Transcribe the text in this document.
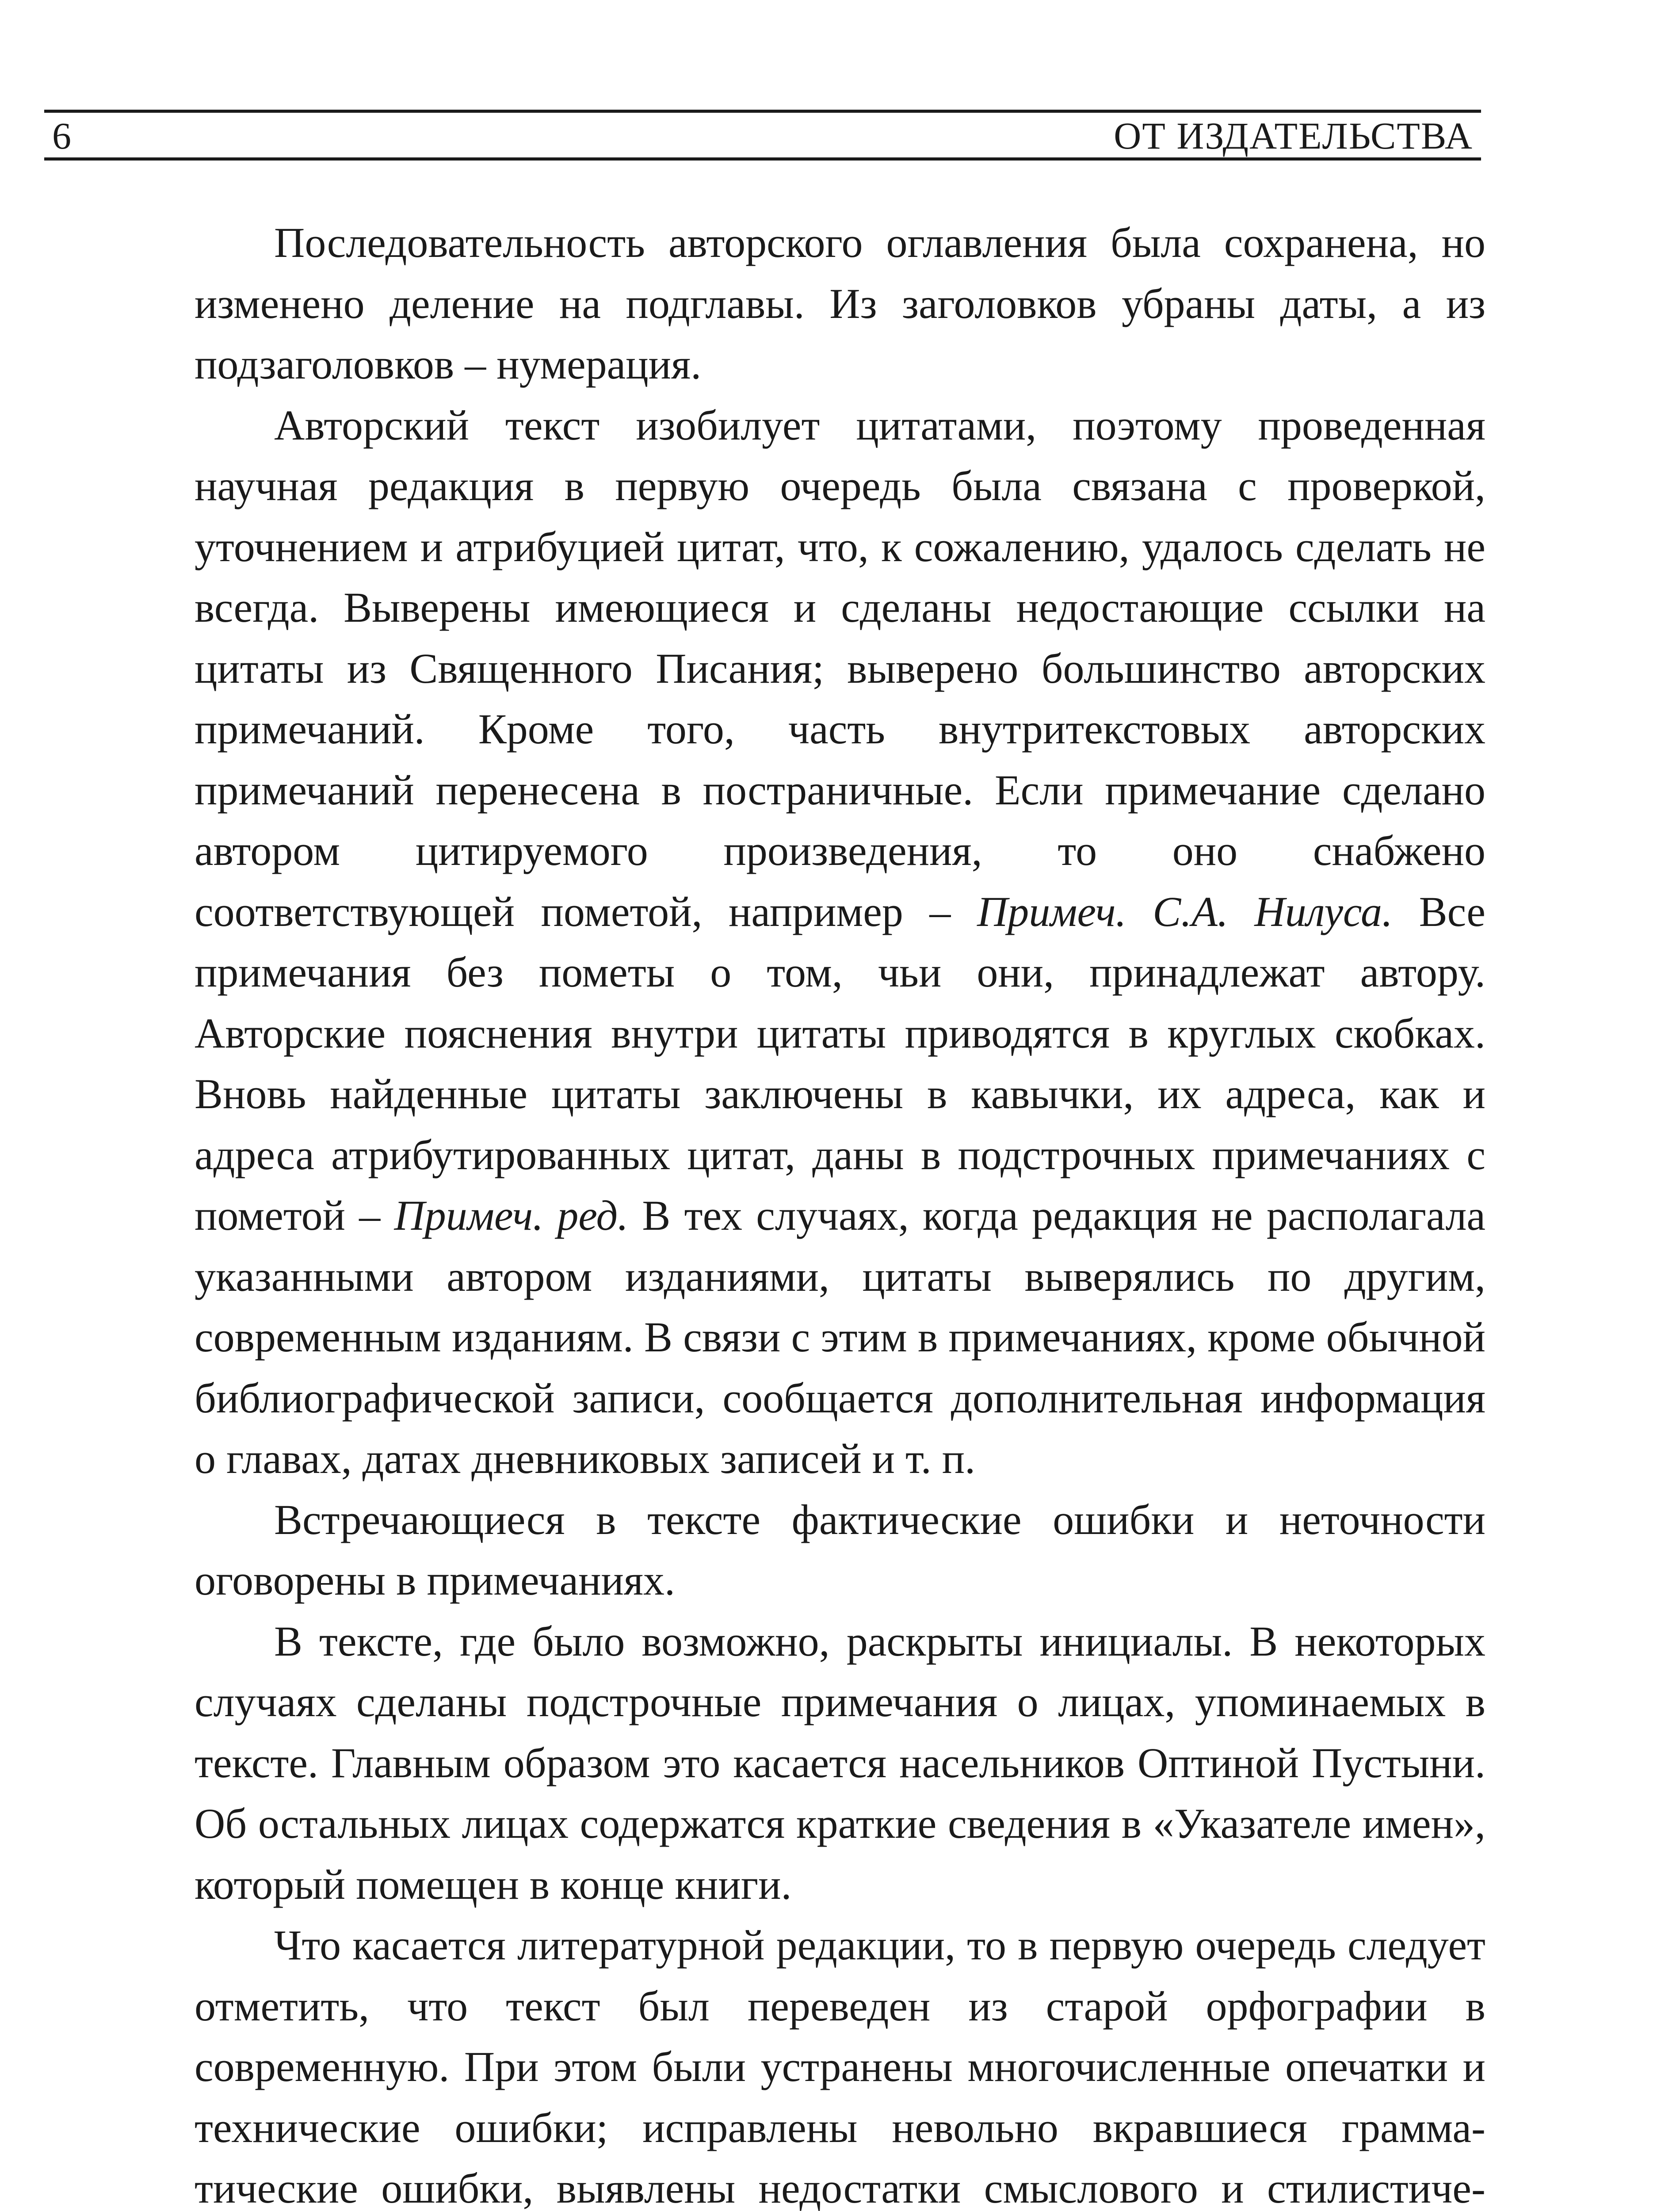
6	ОТ ИЗДАТЕЛЬСТВА

Последовательность авторского оглавления была сохранена, но изменено деление на подглавы. Из заголовков убраны даты, а из подзаголовков – нумерация.

Авторский текст изобилует цитатами, поэтому проведенная научная редакция в первую очередь была связана с проверкой, уточнением и атрибуцией цитат, что, к сожалению, удалось сделать не всегда. Выверены имеющиеся и сделаны недостающие ссылки на цитаты из Священного Писания; выверено большинство авторских примечаний. Кроме того, часть внутритекстовых авторских примечаний перенесена в постраничные. Если примечание сделано автором цитируемого произведения, то оно снабжено соответствующей пометой, например – Примеч. С.А. Нилуса. Все примечания без пометы о том, чьи они, принадлежат автору. Авторские пояснения внутри цитаты приводятся в круглых скобках. Вновь найденные цитаты заключены в кавычки, их адреса, как и адреса атрибутированных цитат, даны в подстрочных примечаниях с пометой – Примеч. ред. В тех случаях, когда редакция не располагала указанными автором изданиями, цитаты выверялись по другим, современным изданиям. В связи с этим в примечаниях, кроме обычной библиографической записи, сообщается дополнительная информация о главах, датах дневниковых записей и т. п.

Встречающиеся в тексте фактические ошибки и неточности оговорены в примечаниях.

В тексте, где было возможно, раскрыты инициалы. В некоторых случаях сделаны подстрочные примечания о лицах, упоминаемых в тексте. Главным образом это касается насельников Оптиной Пустыни. Об остальных лицах содержатся краткие сведения в «Указателе имен», который помещен в конце книги.

Что касается литературной редакции, то в первую очередь следует отметить, что текст был переведен из старой орфографии в современную. При этом были устранены многочисленные опечатки и технические ошибки; исправлены невольно вкравшиеся грамматические ошибки, выявлены недостатки смыслового и стилистиче
